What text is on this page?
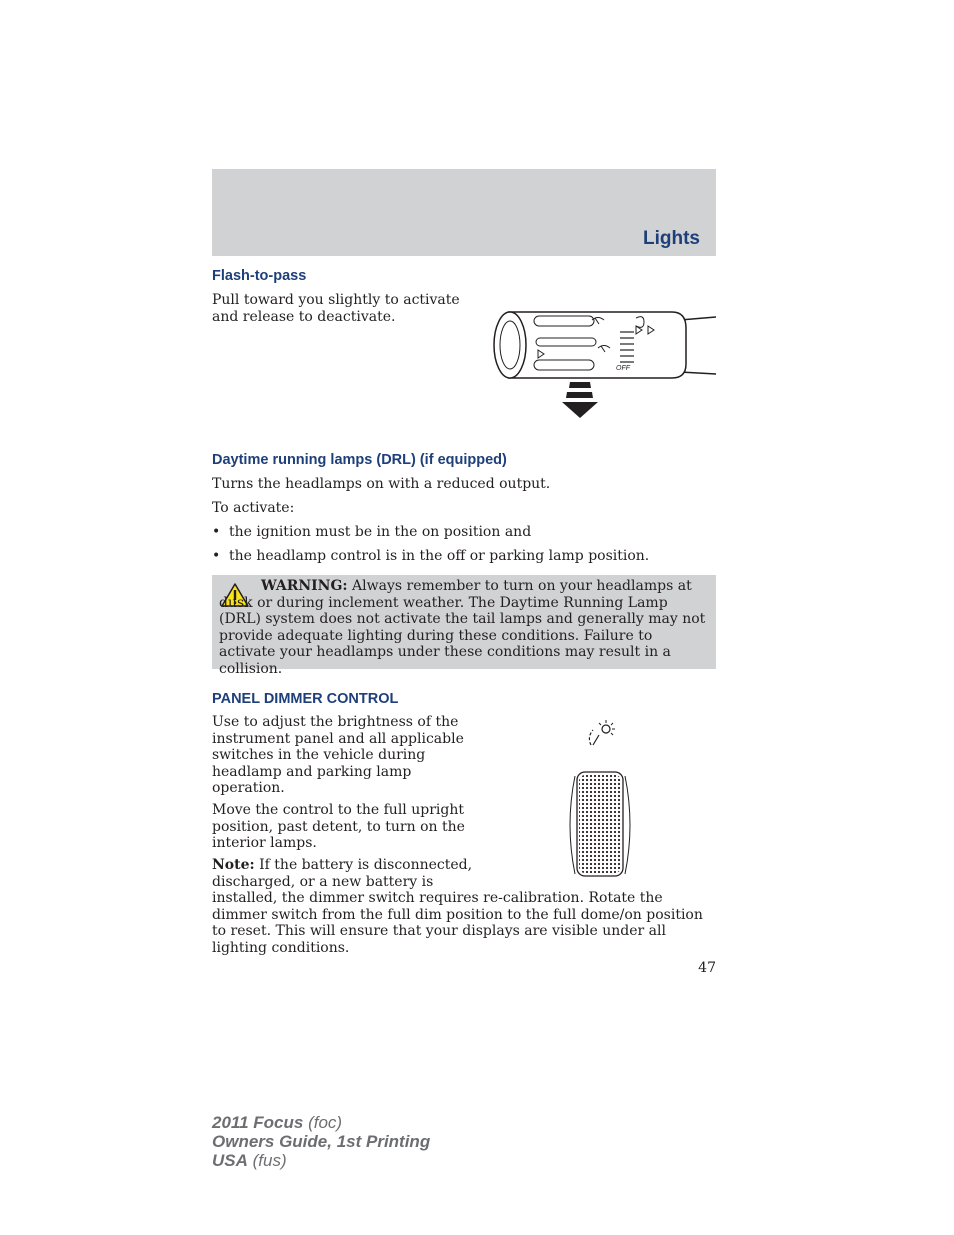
Lights
Flash-to-pass

Pull toward you slightly to activate and release to deactivate.

OFF
Daytime running lamps (DRL) (if equipped)

Turns the headlamps on with a reduced output.

To activate:

• the ignition must be in the on position and
• the headlamp control is in the off or parking lamp position.
WARNING: Always remember to turn on your headlamps at dusk or during inclement weather. The Daytime Running Lamp (DRL) system does not activate the tail lamps and generally may not provide adequate lighting during these conditions. Failure to activate your headlamps under these conditions may result in a collision.
PANEL DIMMER CONTROL

Use to adjust the brightness of the instrument panel and all applicable switches in the vehicle during headlamp and parking lamp operation.

Move the control to the full upright position, past detent, to turn on the interior lamps.

Note: If the battery is disconnected,

discharged, or a new battery is

installed, the dimmer switch requires re-calibration. Rotate the dimmer switch from the full dim position to the full dome/on position to reset. This will ensure that your displays are visible under all lighting conditions.

47
2011 Focus (foc)
Owners Guide, 1st Printing
USA (fus)
